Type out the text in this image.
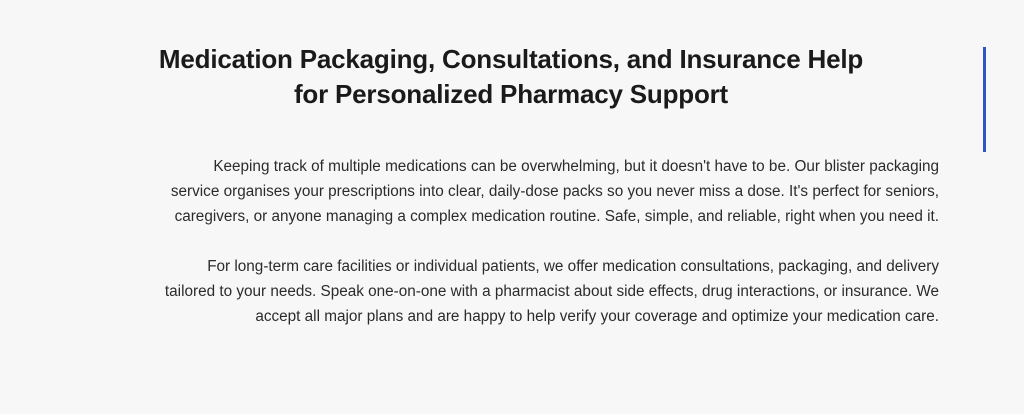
Medication Packaging, Consultations, and Insurance Help
for Personalized Pharmacy Support

Keeping track of multiple medications can be overwhelming, but it doesn't have to be. Our blister packaging service organises your prescriptions into clear, daily-dose packs so you never miss a dose. It's perfect for seniors, caregivers, or anyone managing a complex medication routine. Safe, simple, and reliable, right when you need it.

For long-term care facilities or individual patients, we offer medication consultations, packaging, and delivery tailored to your needs. Speak one-on-one with a pharmacist about side effects, drug interactions, or insurance. We accept all major plans and are happy to help verify your coverage and optimize your medication care.
